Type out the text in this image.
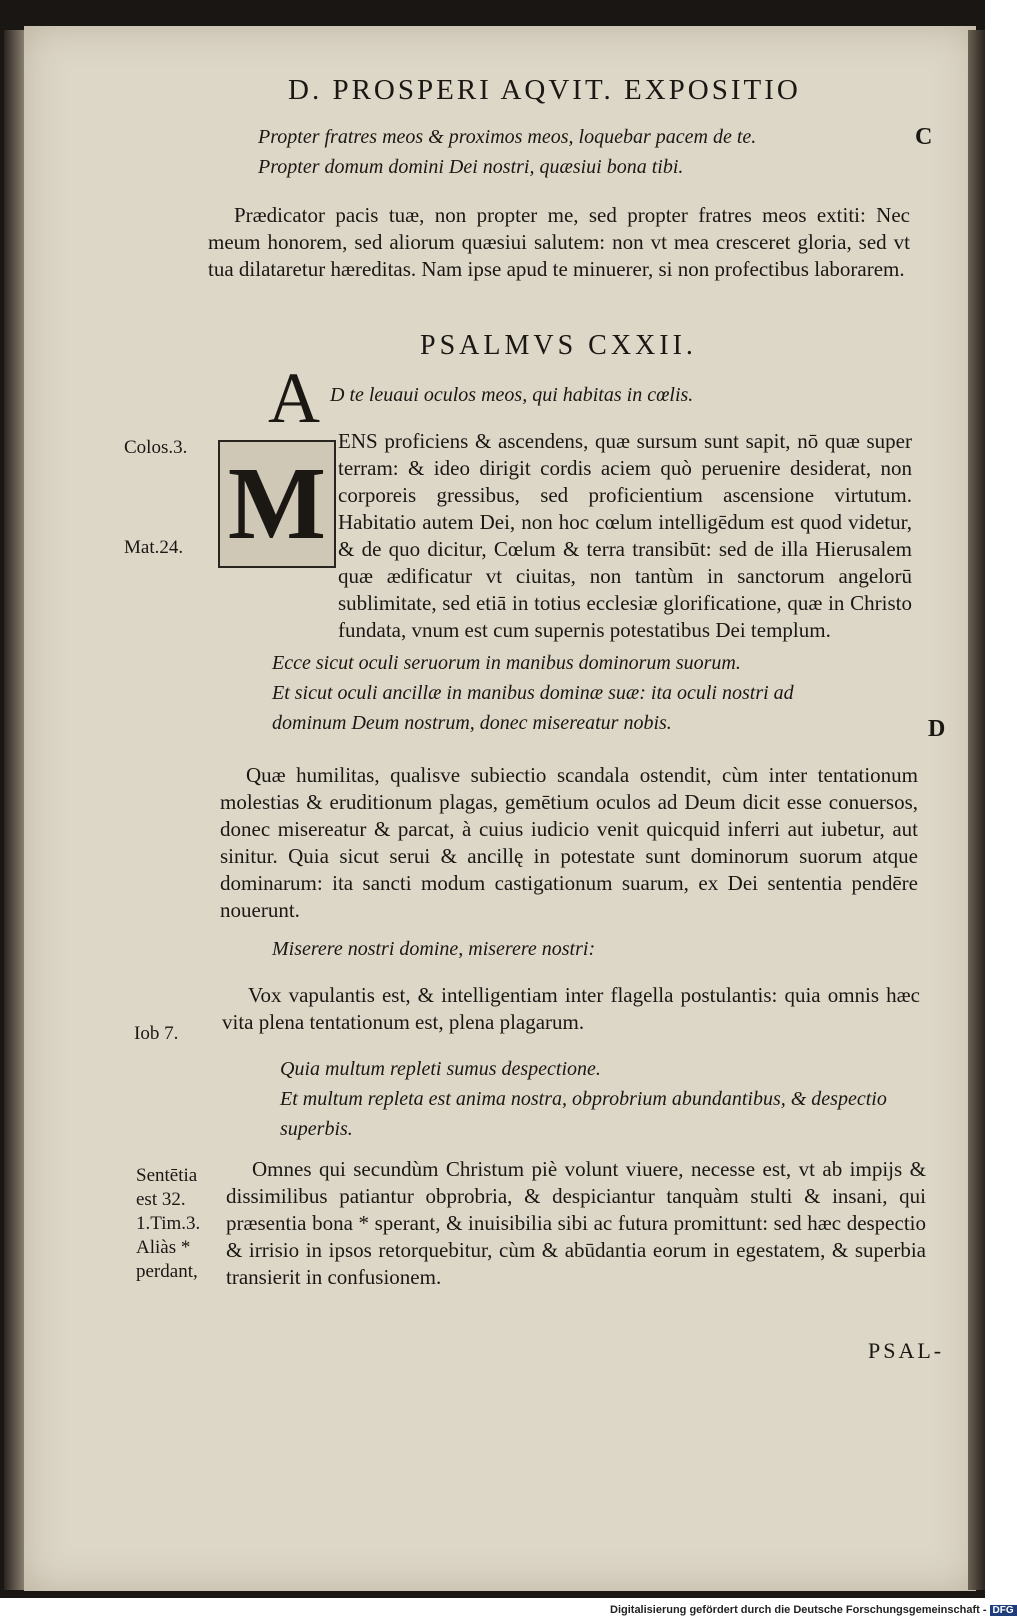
D. PROSPERI AQVIT. EXPOSITIO
C
Propter fratres meos & proximos meos, loquebar pacem de te.
Propter domum domini Dei nostri, quæsiui bona tibi.
Prædicator pacis tuæ, non propter me, sed propter fratres meos extiti: Nec meum honorem, sed aliorum quæsiui salutem: non vt mea cresceret gloria, sed vt tua dilataretur hæreditas. Nam ipse apud te minuerer, si non profectibus laborarem.
PSALMVS CXXII.
A D te leuaui oculos meos, qui habitas in cœlis.
M
ENS proficiens & ascendens, quæ sursum sunt sapit, nō quæ super terram: & ideo dirigit cordis aciem quò peruenire desiderat, non corporeis gressibus, sed proficientium ascensione virtutum. Habitatio autem Dei, non hoc cœlum intelligēdum est quod videtur, & de quo dicitur, Cœlum & terra transibūt: sed de illa Hierusalem quæ ædificatur vt ciuitas, non tantùm in sanctorum angelorū sublimitate, sed etiā in totius ecclesiæ glorificatione, quæ in Christo fundata, vnum est cum supernis potestatibus Dei templum.
Colos.3.
Mat.24.
Ecce sicut oculi seruorum in manibus dominorum suorum.
Et sicut oculi ancillæ in manibus dominæ suæ: ita oculi nostri ad dominum Deum nostrum, donec misereatur nobis.	D
Quæ humilitas, qualisve subiectio scandala ostendit, cùm inter tentationum molestias & eruditionum plagas, gemētium oculos ad Deum dicit esse conuersos, donec misereatur & parcat, à cuius iudicio venit quicquid inferri aut iubetur, aut sinitur. Quia sicut serui & ancillę in potestate sunt dominorum suorum atque dominarum: ita sancti modum castigationum suarum, ex Dei sententia pendēre nouerunt.
Miserere nostri domine, miserere nostri:
Vox vapulantis est, & intelligentiam inter flagella postulantis: quia omnis hæc vita plena tentationum est, plena plagarum.
Iob 7.
Quia multum repleti sumus despectione.
Et multum repleta est anima nostra, obprobrium abundantibus, & despectio superbis.
Omnes qui secundùm Christum piè volunt viuere, necesse est, vt ab impijs & dissimilibus patiantur obprobria, & despiciantur tanquàm stulti & insani, qui præsentia bona * sperant, & inuisibilia sibi ac futura promittunt: sed hæc despectio & irrisio in ipsos retorquebitur, cùm & abūdantia eorum in egestatem, & superbia transierit in confusionem.
Sentētia
est 32.
1.Tim.3.
Aliàs *
perdant,
PSAL-
Digitalisierung gefördert durch die Deutsche Forschungsgemeinschaft - DFG
